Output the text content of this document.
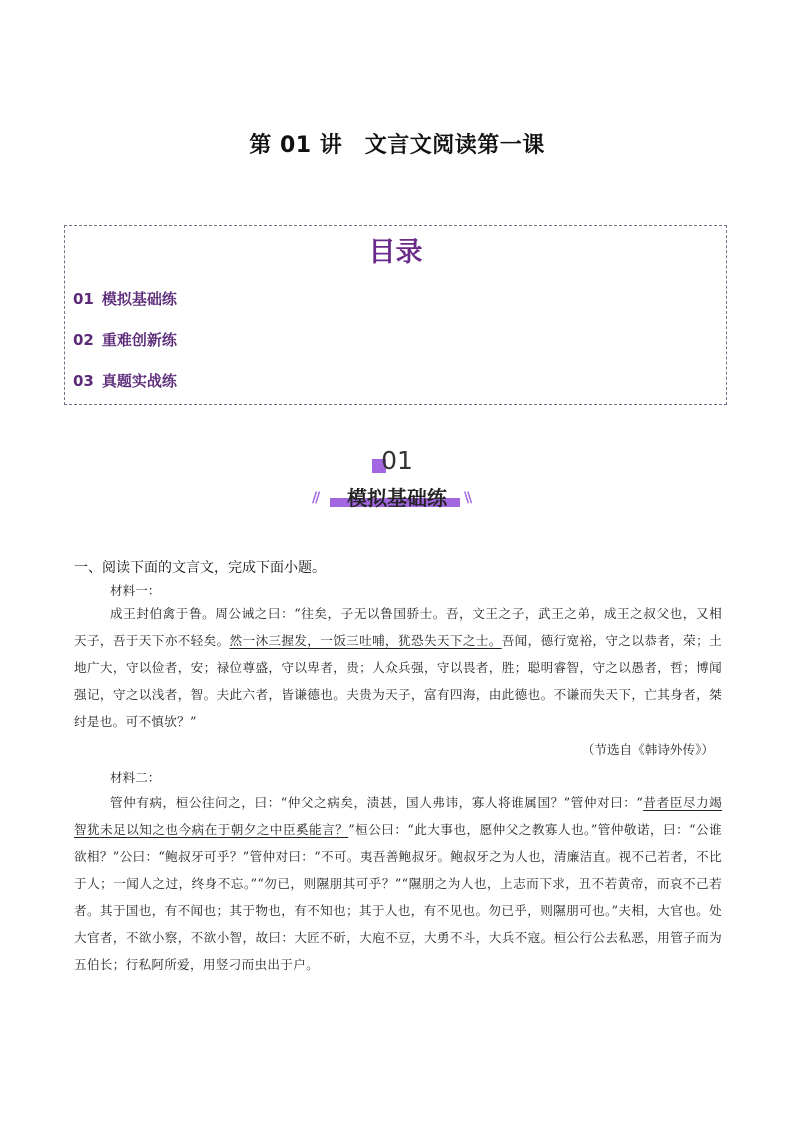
第 01 讲　文言文阅读第一课
目录
01 模拟基础练
02 重难创新练
03 真题实战练
01
//	模拟基础练	\\
一、阅读下面的文言文，完成下面小题。
材料一：

成王封伯禽于鲁。周公诫之曰：“往矣，子无以鲁国骄士。吾，文王之子，武王之弟，成王之叔父也，又相天子，吾于天下亦不轻矣。然一沐三握发，一饭三吐哺，犹恐失天下之士。吾闻，德行宽裕，守之以恭者，荣；土地广大，守以俭者，安；禄位尊盛，守以卑者，贵；人众兵强，守以畏者，胜；聪明睿智，守之以愚者，哲；博闻强记，守之以浅者，智。夫此六者，皆谦德也。夫贵为天子，富有四海，由此德也。不谦而失天下，亡其身者，桀纣是也。可不慎欤？”

（节选自《韩诗外传》）
材料二：

管仲有病，桓公往问之，曰：“仲父之病矣，渍甚，国人弗讳，寡人将谁属国？”管仲对曰：“昔者臣尽力竭智犹未足以知之也今病在于朝夕之中臣奚能言？”桓公曰：“此大事也，愿仲父之教寡人也。”管仲敬诺，曰：“公谁欲相？”公曰：“鲍叔牙可乎？”管仲对曰：“不可。夷吾善鲍叔牙。鲍叔牙之为人也，清廉洁直。视不己若者，不比于人；一闻人之过，终身不忘。”“勿已，则隰朋其可乎？”“隰朋之为人也，上志而下求，丑不若黄帝，而哀不己若者。其于国也，有不闻也；其于物也，有不知也；其于人也，有不见也。勿已乎，则隰朋可也。”夫相，大官也。处大官者，不欲小察，不欲小智，故曰：大匠不斫，大庖不豆，大勇不斗，大兵不寇。桓公行公去私恶，用管子而为五伯长；行私阿所爱，用竖刁而虫出于户。
